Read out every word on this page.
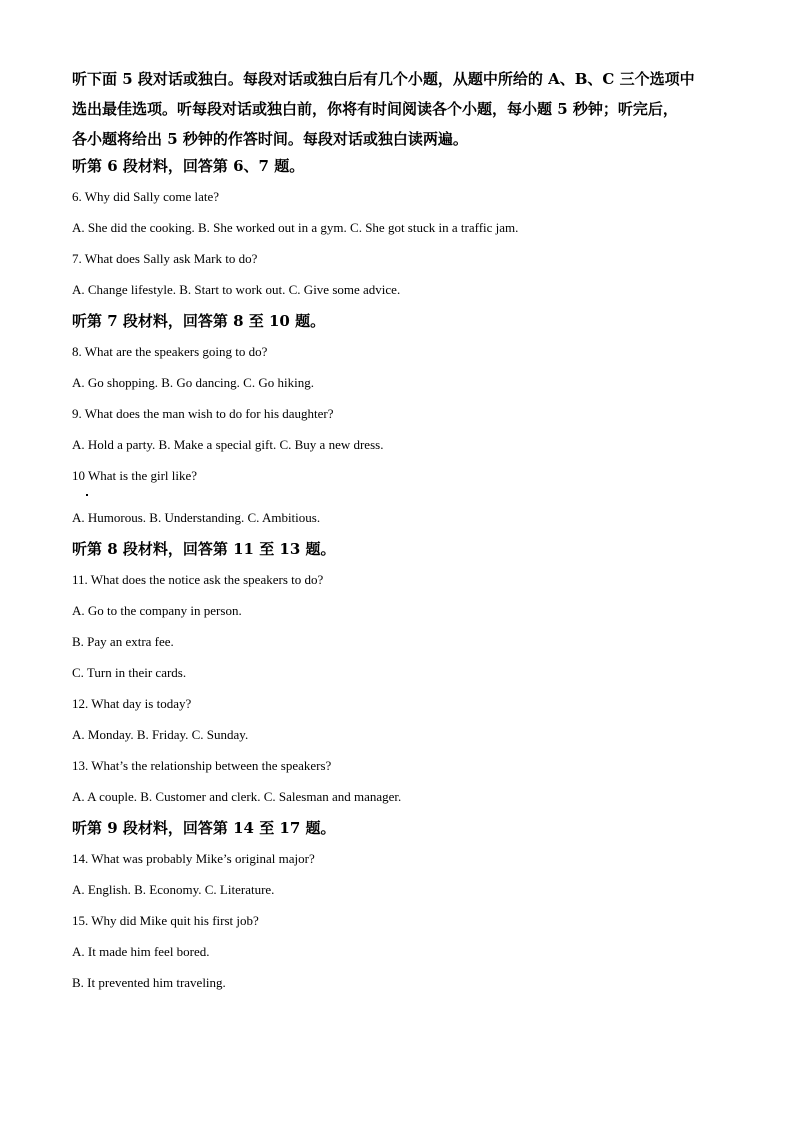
听下面 5 段对话或独白。每段对话或独白后有几个小题，从题中所给的 A、B、C 三个选项中

选出最佳选项。听每段对话或独白前，你将有时间阅读各个小题，每小题 5 秒钟；听完后，

各小题将给出 5 秒钟的作答时间。每段对话或独白读两遍。

听第 6 段材料，回答第 6、7 题。

6. Why did Sally come late?

A. She did the cooking. B. She worked out in a gym. C. She got stuck in a traffic jam.

7. What does Sally ask Mark to do?

A. Change lifestyle. B. Start to work out. C. Give some advice.

听第 7 段材料，回答第 8 至 10 题。

8. What are the speakers going to do?

A. Go shopping. B. Go dancing. C. Go hiking.

9. What does the man wish to do for his daughter?

A. Hold a party. B. Make a special gift. C. Buy a new dress.

10 What is the girl like?

A. Humorous. B. Understanding. C. Ambitious.

听第 8 段材料，回答第 11 至 13 题。

11. What does the notice ask the speakers to do?

A. Go to the company in person.

B. Pay an extra fee.

C. Turn in their cards.

12. What day is today?

A. Monday. B. Friday. C. Sunday.

13. What’s the relationship between the speakers?

A. A couple. B. Customer and clerk. C. Salesman and manager.

听第 9 段材料，回答第 14 至 17 题。

14. What was probably Mike’s original major?

A. English. B. Economy. C. Literature.

15. Why did Mike quit his first job?

A. It made him feel bored.

B. It prevented him traveling.
